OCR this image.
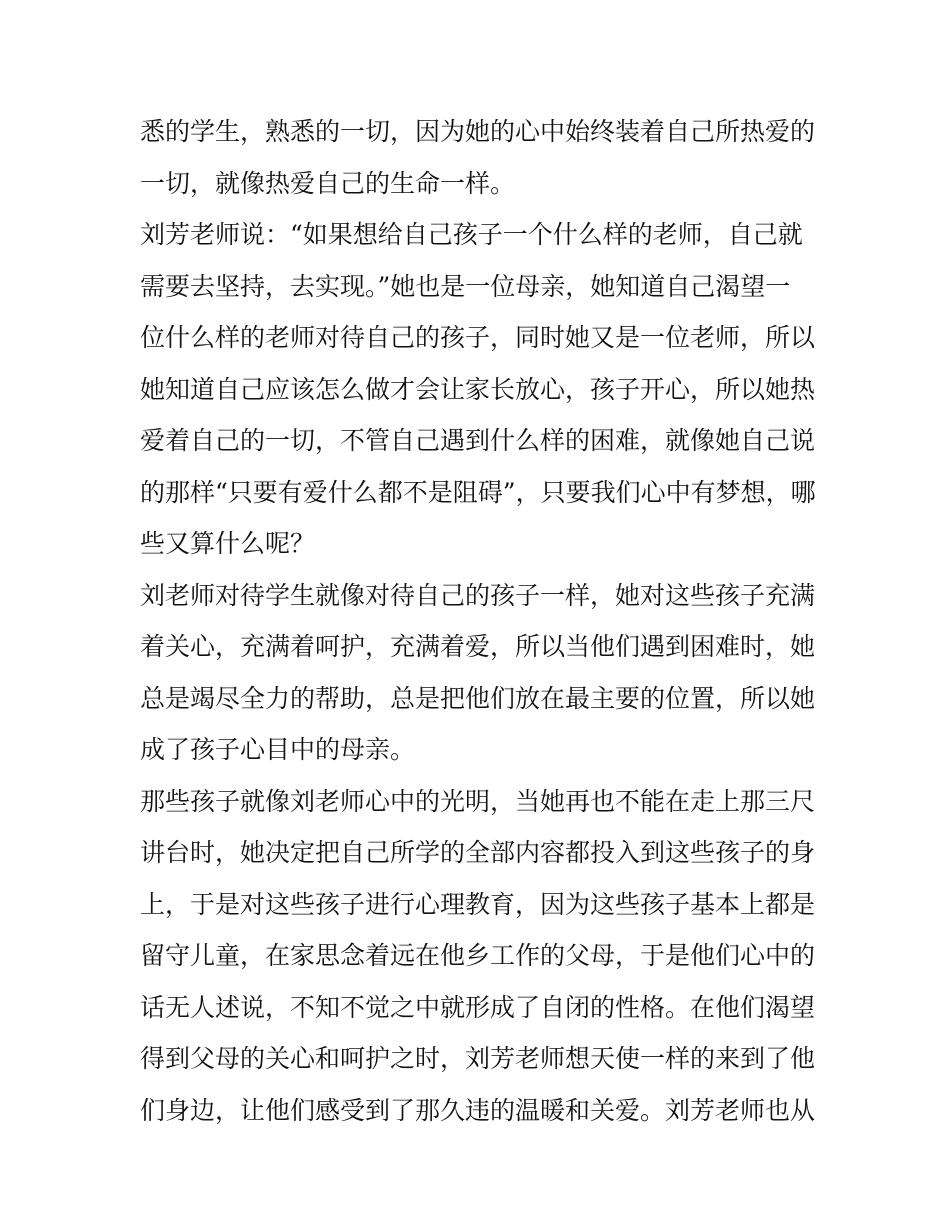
悉的学生，熟悉的一切，因为她的心中始终装着自己所热爱的
一切，就像热爱自己的生命一样。
刘芳老师说：“如果想给自己孩子一个什么样的老师，自己就
需要去坚持，去实现。”她也是一位母亲，她知道自己渴望一
位什么样的老师对待自己的孩子，同时她又是一位老师，所以
她知道自己应该怎么做才会让家长放心，孩子开心，所以她热
爱着自己的一切，不管自己遇到什么样的困难，就像她自己说
的那样“只要有爱什么都不是阻碍”，只要我们心中有梦想，哪
些又算什么呢？
刘老师对待学生就像对待自己的孩子一样，她对这些孩子充满
着关心，充满着呵护，充满着爱，所以当他们遇到困难时，她
总是竭尽全力的帮助，总是把他们放在最主要的位置，所以她
成了孩子心目中的母亲。
那些孩子就像刘老师心中的光明，当她再也不能在走上那三尺
讲台时，她决定把自己所学的全部内容都投入到这些孩子的身
上，于是对这些孩子进行心理教育，因为这些孩子基本上都是
留守儿童，在家思念着远在他乡工作的父母，于是他们心中的
话无人述说，不知不觉之中就形成了自闭的性格。在他们渴望
得到父母的关心和呵护之时，刘芳老师想天使一样的来到了他
们身边，让他们感受到了那久违的温暖和关爱。刘芳老师也从
